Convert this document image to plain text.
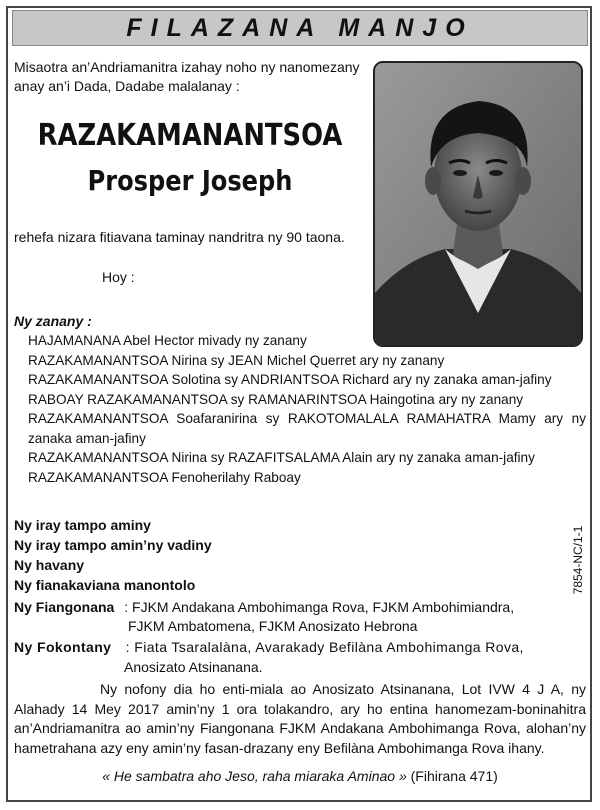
FILAZANA MANJO
Misaotra an’Andriamanitra izahay noho ny nanomezany
anay an’i Dada, Dadabe malalanay :
RAZAKAMANANTSOA
Prosper Joseph
rehefa nizara fitiavana taminay nandritra ny 90 taona.
Hoy :
Ny zanany :
HAJAMANANA Abel Hector mivady ny zanany
RAZAKAMANANTSOA Nirina sy JEAN Michel Querret ary ny zanany
RAZAKAMANANTSOA Solotina sy ANDRIANTSOA Richard ary ny zanaka aman-jafiny
RABOAY RAZAKAMANANTSOA sy RAMANARINTSOA Haingotina ary ny zanany
RAZAKAMANANTSOA Soafaranirina sy RAKOTOMALALA RAMAHATRA Mamy ary ny zanaka aman-jafiny
RAZAKAMANANTSOA Nirina sy RAZAFITSALAMA Alain ary ny zanaka aman-jafiny
RAZAKAMANANTSOA Fenoherilahy Raboay
Ny iray tampo aminy
Ny iray tampo amin’ny vadiny
Ny havany
Ny fianakaviana manontolo	7854-NC/1-1
Ny Fiangonana : FJKM Andakana Ambohimanga Rova, FJKM Ambohimiandra,
FJKM Ambatomena, FJKM Anosizato Hebrona
Ny Fokontany : Fiata Tsaralalàna, Avarakady Befilàna Ambohimanga Rova,
Anosizato Atsinanana.
Ny nofony dia ho enti-miala ao Anosizato Atsinanana, Lot IVW 4 J A, ny Alahady 14 Mey 2017 amin’ny 1 ora tolakandro, ary ho entina hanomezam-boninahitra an’Andriamanitra ao amin’ny Fiangonana FJKM Andakana Ambohimanga Rova, alohan’ny hametrahana azy eny amin’ny fasan-drazany eny Befilàna Ambohimanga Rova ihany.
« He sambatra aho Jeso, raha miaraka Aminao » (Fihirana 471)
